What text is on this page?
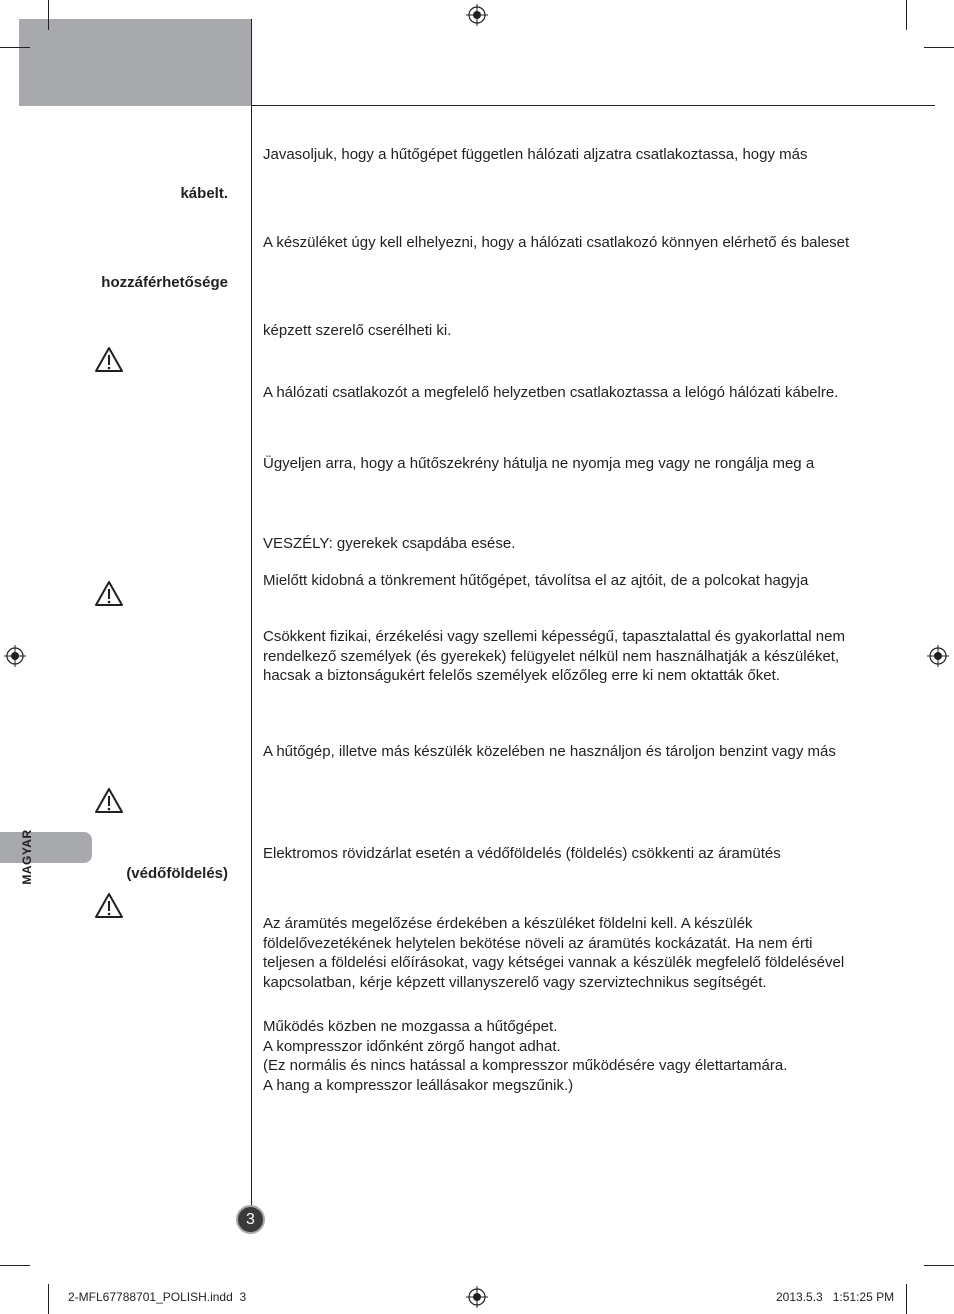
kábelt.
hozzáférhetősége
(védőföldelés)
MAGYAR
Javasoljuk, hogy a hűtőgépet független hálózati aljzatra csatlakoztassa, hogy más
A készüléket úgy kell elhelyezni, hogy a hálózati csatlakozó könnyen elérhető és baleset
képzett szerelő cserélheti ki.
A hálózati csatlakozót a megfelelő helyzetben csatlakoztassa a lelógó hálózati kábelre.
Ügyeljen arra, hogy a hűtőszekrény hátulja ne nyomja meg vagy ne rongálja meg a
VESZÉLY: gyerekek csapdába esése.
Mielőtt kidobná a tönkrement hűtőgépet, távolítsa el az ajtóit, de a polcokat hagyja
Csökkent fizikai, érzékelési vagy szellemi képességű, tapasztalattal és gyakorlattal nem
rendelkező személyek (és gyerekek) felügyelet nélkül nem használhatják a készüléket,
hacsak a biztonságukért felelős személyek előzőleg erre ki nem oktatták őket.
A hűtőgép, illetve más készülék közelében ne használjon és tároljon benzint vagy más
Elektromos rövidzárlat esetén a védőföldelés (földelés) csökkenti az áramütés
Az áramütés megelőzése érdekében a készüléket földelni kell. A készülék
földelővezetékének helytelen bekötése növeli az áramütés kockázatát. Ha nem érti
teljesen a földelési előírásokat, vagy kétségei vannak a készülék megfelelő földelésével
kapcsolatban, kérje képzett villanyszerelő vagy szerviztechnikus segítségét.
Működés közben ne mozgassa a hűtőgépet.
A kompresszor időnként zörgő hangot adhat.
(Ez normális és nincs hatással a kompresszor működésére vagy élettartamára.
A hang a kompresszor leállásakor megszűnik.)
3
2-MFL67788701_POLISH.indd 3	2013.5.3 1:51:25 PM
